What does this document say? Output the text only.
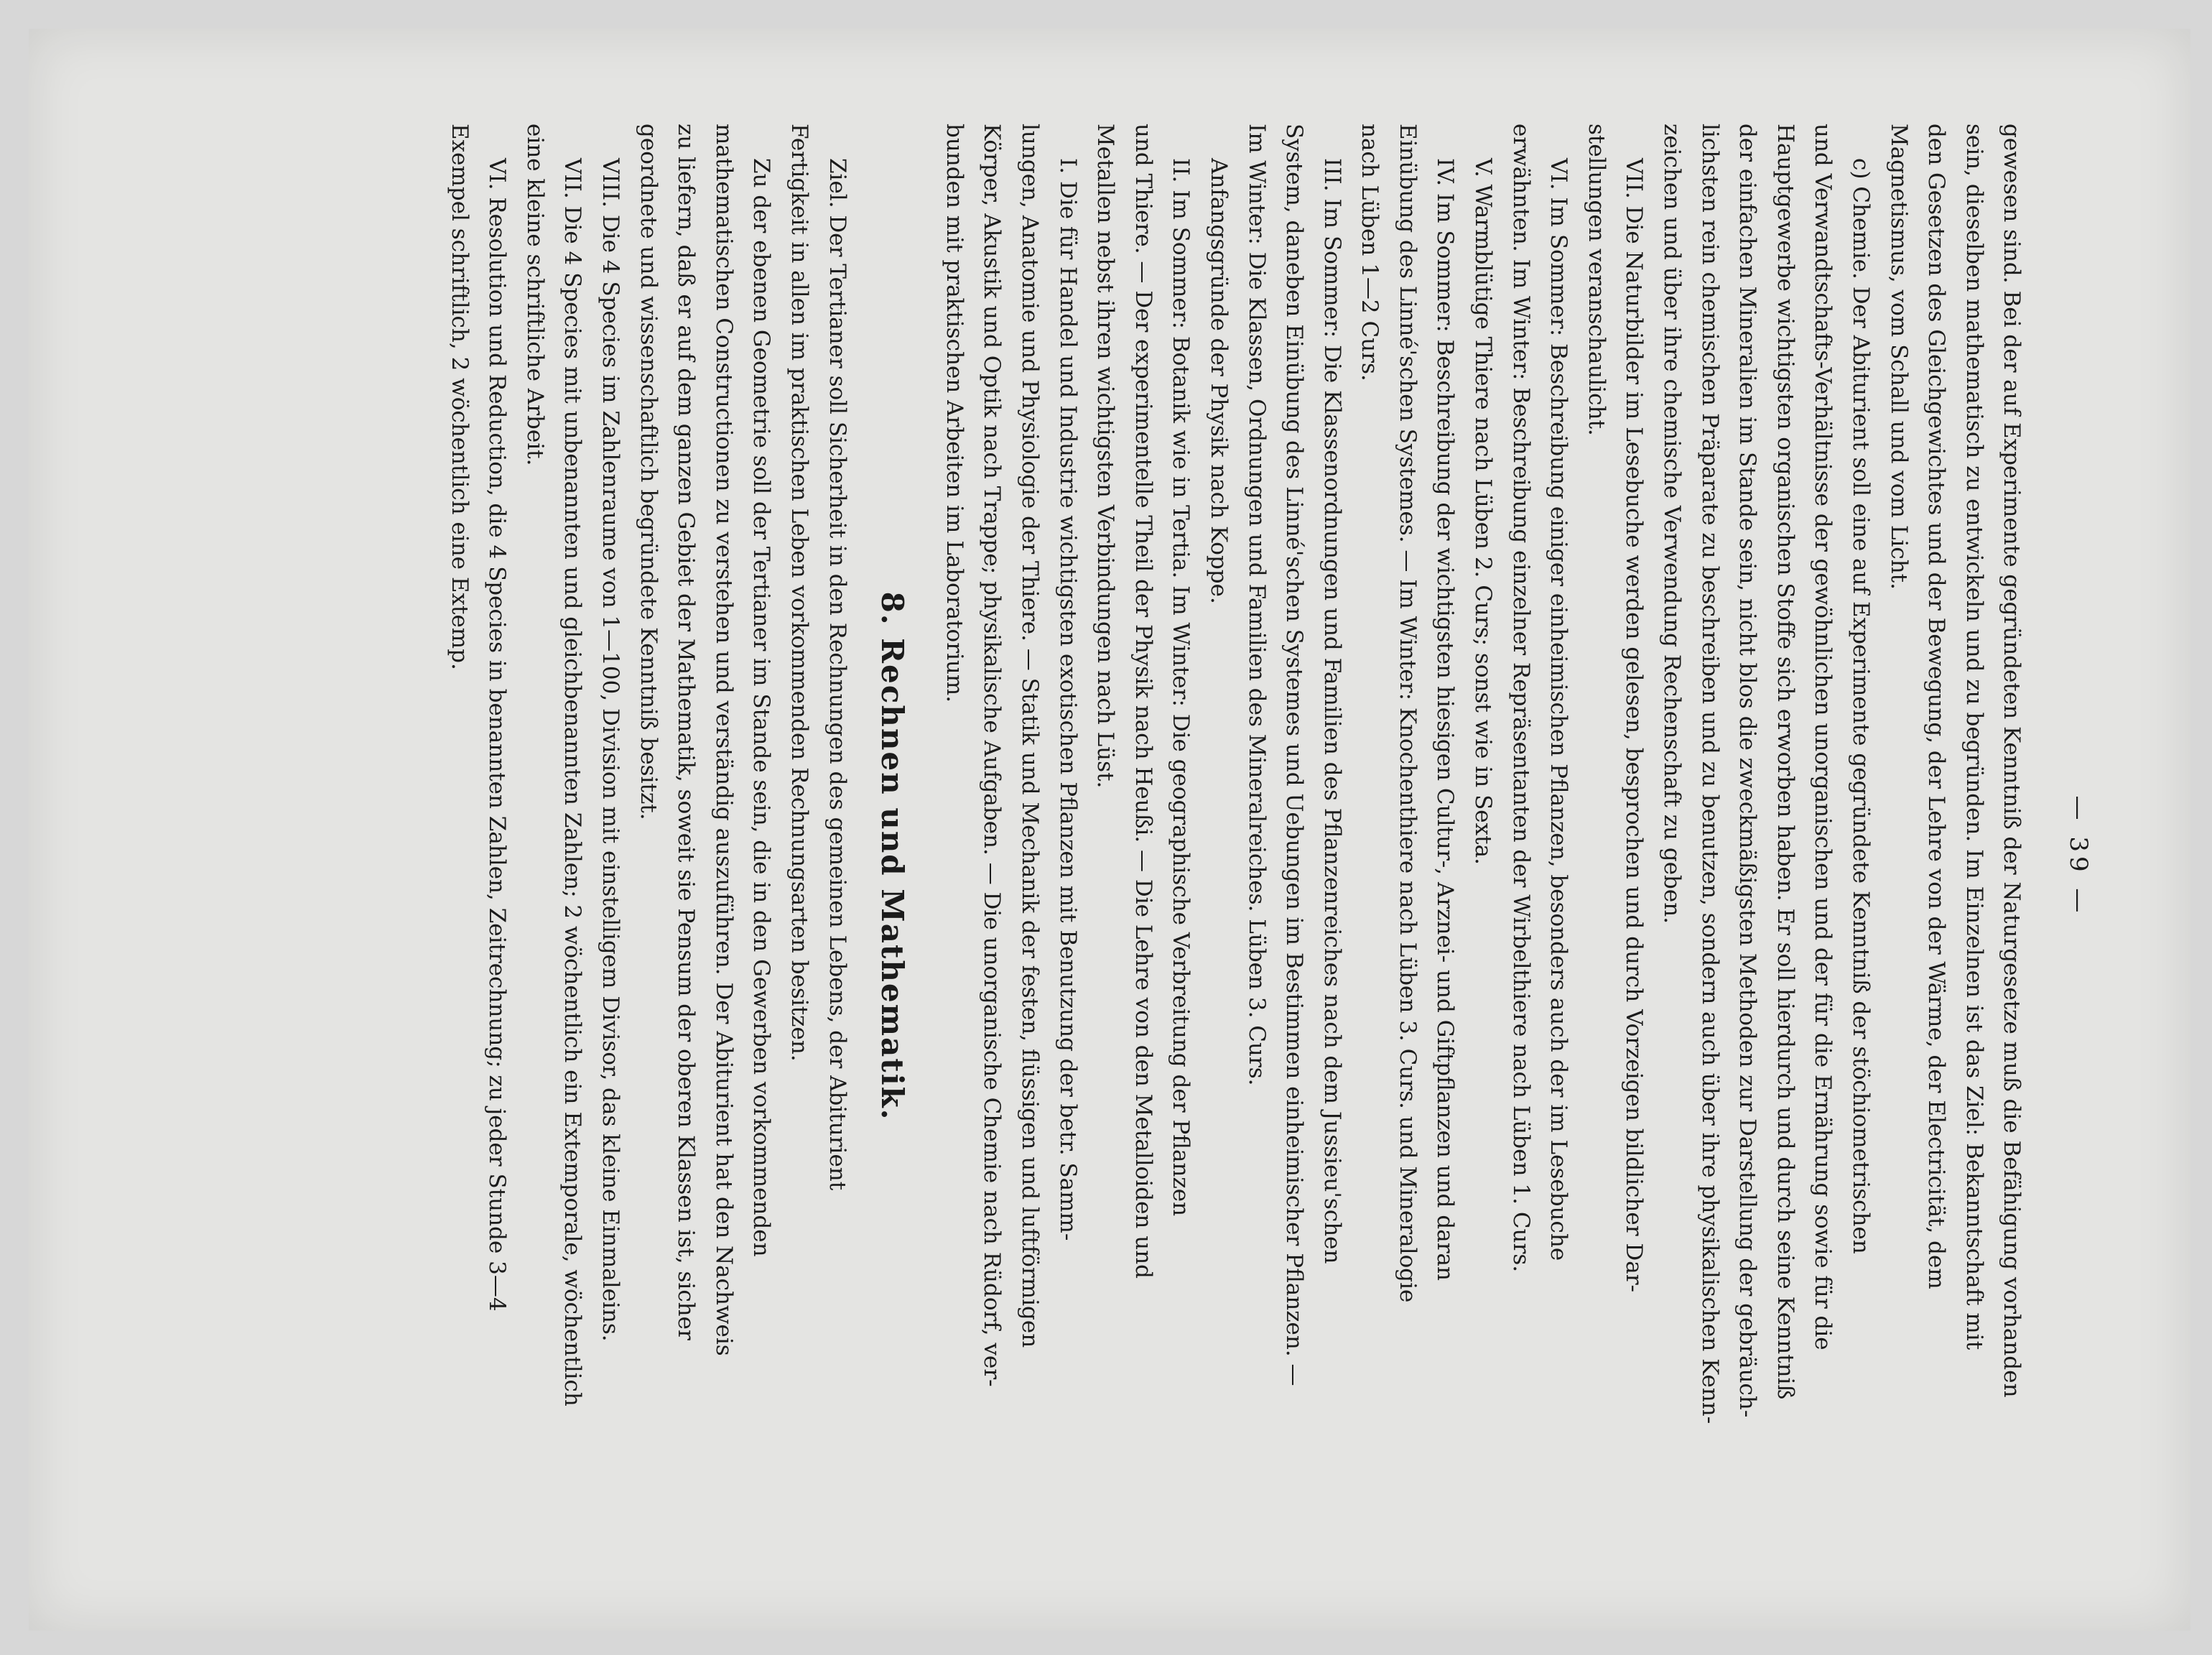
— 39 —

gewesen sind. Bei der auf Experimente gegründeten Kenntniß der Naturgesetze muß die Befähigung vorhanden

sein, dieselben mathematisch zu entwickeln und zu begründen. Im Einzelnen ist das Ziel: Bekanntschaft mit

den Gesetzen des Gleichgewichtes und der Bewegung, der Lehre von der Wärme, der Electricität, dem

Magnetismus, vom Schall und vom Licht.

c) Chemie. Der Abiturient soll eine auf Experimente gegründete Kenntniß der stöchiometrischen

und Verwandtschafts-Verhältnisse der gewöhnlichen unorganischen und der für die Ernährung sowie für die

Hauptgewerbe wichtigsten organischen Stoffe sich erworben haben. Er soll hierdurch und durch seine Kenntniß

der einfachen Mineralien im Stande sein, nicht blos die zweckmäßigsten Methoden zur Darstellung der gebräuch-

lichsten rein chemischen Präparate zu beschreiben und zu benutzen, sondern auch über ihre physikalischen Kenn-

zeichen und über ihre chemische Verwendung Rechenschaft zu geben.

VII. Die Naturbilder im Lesebuche werden gelesen, besprochen und durch Vorzeigen bildlicher Dar-

stellungen veranschaulicht.

VI. Im Sommer: Beschreibung einiger einheimischen Pflanzen, besonders auch der im Lesebuche

erwähnten. Im Winter: Beschreibung einzelner Repräsentanten der Wirbelthiere nach Lüben 1. Curs.

V. Warmblütige Thiere nach Lüben 2. Curs; sonst wie in Sexta.

IV. Im Sommer: Beschreibung der wichtigsten hiesigen Cultur-, Arznei- und Giftpflanzen und daran

Einübung des Linné'schen Systemes. — Im Winter: Knochenthiere nach Lüben 3. Curs. und Mineralogie

nach Lüben 1—2 Curs.

III. Im Sommer: Die Klassenordnungen und Familien des Pflanzenreiches nach dem Jussieu'schen

System, daneben Einübung des Linné'schen Systemes und Uebungen im Bestimmen einheimischer Pflanzen. —

Im Winter: Die Klassen, Ordnungen und Familien des Mineralreiches. Lüben 3. Curs.

Anfangsgründe der Physik nach Koppe.

II. Im Sommer: Botanik wie in Tertia. Im Winter: Die geographische Verbreitung der Pflanzen

und Thiere. — Der experimentelle Theil der Physik nach Heußi. — Die Lehre von den Metalloiden und

Metallen nebst ihren wichtigsten Verbindungen nach Lüst.

I. Die für Handel und Industrie wichtigsten exotischen Pflanzen mit Benutzung der betr. Samm-

lungen, Anatomie und Physiologie der Thiere. — Statik und Mechanik der festen, flüssigen und luftförmigen

Körper, Akustik und Optik nach Trappe; physikalische Aufgaben. — Die unorganische Chemie nach Rüdorf, ver-

bunden mit praktischen Arbeiten im Laboratorium.

8. Rechnen und Mathematik.

Ziel. Der Tertianer soll Sicherheit in den Rechnungen des gemeinen Lebens, der Abiturient

Fertigkeit in allen im praktischen Leben vorkommenden Rechnungsarten besitzen.

Zu der ebenen Geometrie soll der Tertianer im Stande sein, die in den Gewerben vorkommenden

mathematischen Constructionen zu verstehen und verständig auszuführen. Der Abiturient hat den Nachweis

zu liefern, daß er auf dem ganzen Gebiet der Mathematik, soweit sie Pensum der oberen Klassen ist, sicher

geordnete und wissenschaftlich begründete Kenntniß besitzt.

VIII. Die 4 Species im Zahlenraume von 1—100, Division mit einstelligem Divisor, das kleine Einmaleins.

VII. Die 4 Species mit unbenannten und gleichbenannten Zahlen; 2 wöchentlich ein Extemporale, wöchentlich

eine kleine schriftliche Arbeit.

VI. Resolution und Reduction, die 4 Species in benannten Zahlen, Zeitrechnung; zu jeder Stunde 3—4

Exempel schriftlich, 2 wöchentlich eine Extemp.
